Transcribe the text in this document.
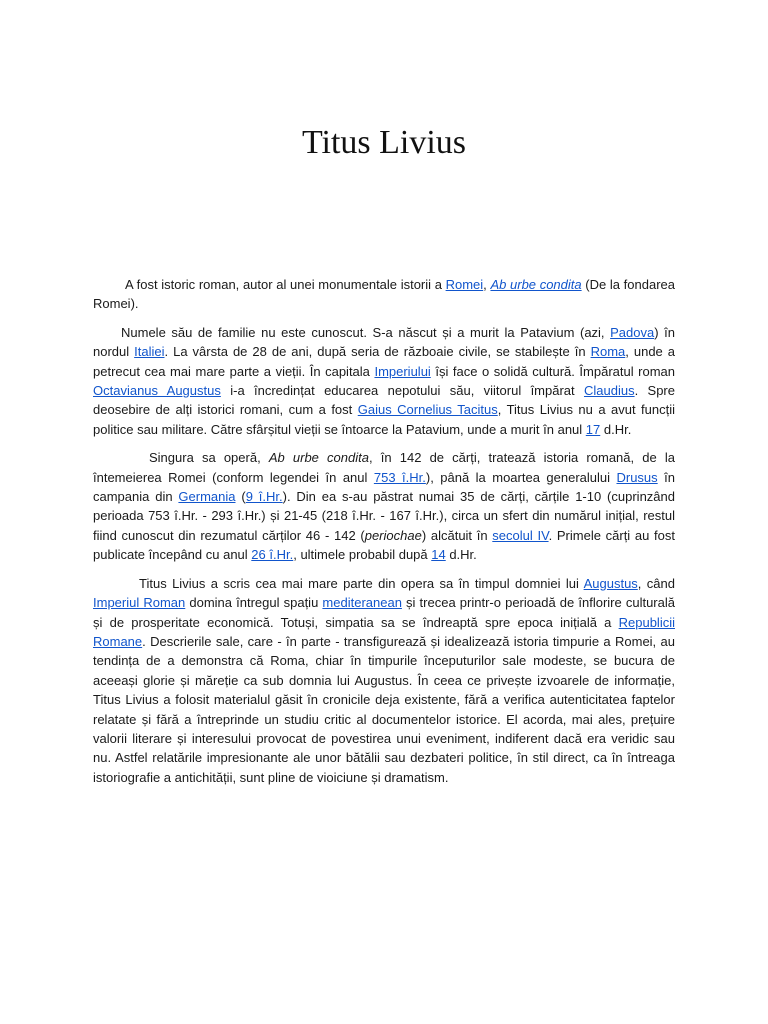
Titus Livius

A fost istoric roman, autor al unei monumentale istorii a Romei, Ab urbe condita (De la fondarea Romei).

Numele său de familie nu este cunoscut. S-a născut și a murit la Patavium (azi, Padova) în nordul Italiei. La vârsta de 28 de ani, după seria de războaie civile, se stabilește în Roma, unde a petrecut cea mai mare parte a vieții. În capitala Imperiului își face o solidă cultură. Împăratul roman Octavianus Augustus i-a încredințat educarea nepotului său, viitorul împărat Claudius. Spre deosebire de alți istorici romani, cum a fost Gaius Cornelius Tacitus, Titus Livius nu a avut funcții politice sau militare. Către sfârșitul vieții se întoarce la Patavium, unde a murit în anul 17 d.Hr.

Singura sa operă, Ab urbe condita, în 142 de cărți, tratează istoria romană, de la întemeierea Romei (conform legendei în anul 753 î.Hr.), până la moartea generalului Drusus în campania din Germania (9 î.Hr.). Din ea s-au păstrat numai 35 de cărți, cărțile 1-10 (cuprinzând perioada 753 î.Hr. - 293 î.Hr.) și 21-45 (218 î.Hr. - 167 î.Hr.), circa un sfert din numărul inițial, restul fiind cunoscut din rezumatul cărților 46 - 142 (periochae) alcătuit în secolul IV. Primele cărți au fost publicate începând cu anul 26 î.Hr., ultimele probabil după 14 d.Hr.

Titus Livius a scris cea mai mare parte din opera sa în timpul domniei lui Augustus, când Imperiul Roman domina întregul spațiu mediteranean și trecea printr-o perioadă de înflorire culturală și de prosperitate economică. Totuși, simpatia sa se îndreaptă spre epoca inițială a Republicii Romane. Descrierile sale, care - în parte - transfigurează și idealizează istoria timpurie a Romei, au tendința de a demonstra că Roma, chiar în timpurile începuturilor sale modeste, se bucura de aceeași glorie și măreție ca sub domnia lui Augustus. În ceea ce privește izvoarele de informație, Titus Livius a folosit materialul găsit în cronicile deja existente, fără a verifica autenticitatea faptelor relatate și fără a întreprinde un studiu critic al documentelor istorice. El acorda, mai ales, prețuire valorii literare și interesului provocat de povestirea unui eveniment, indiferent dacă era veridic sau nu. Astfel relatările impresionante ale unor bătălii sau dezbateri politice, în stil direct, ca în întreaga istoriografie a antichității, sunt pline de vioiciune și dramatism.
